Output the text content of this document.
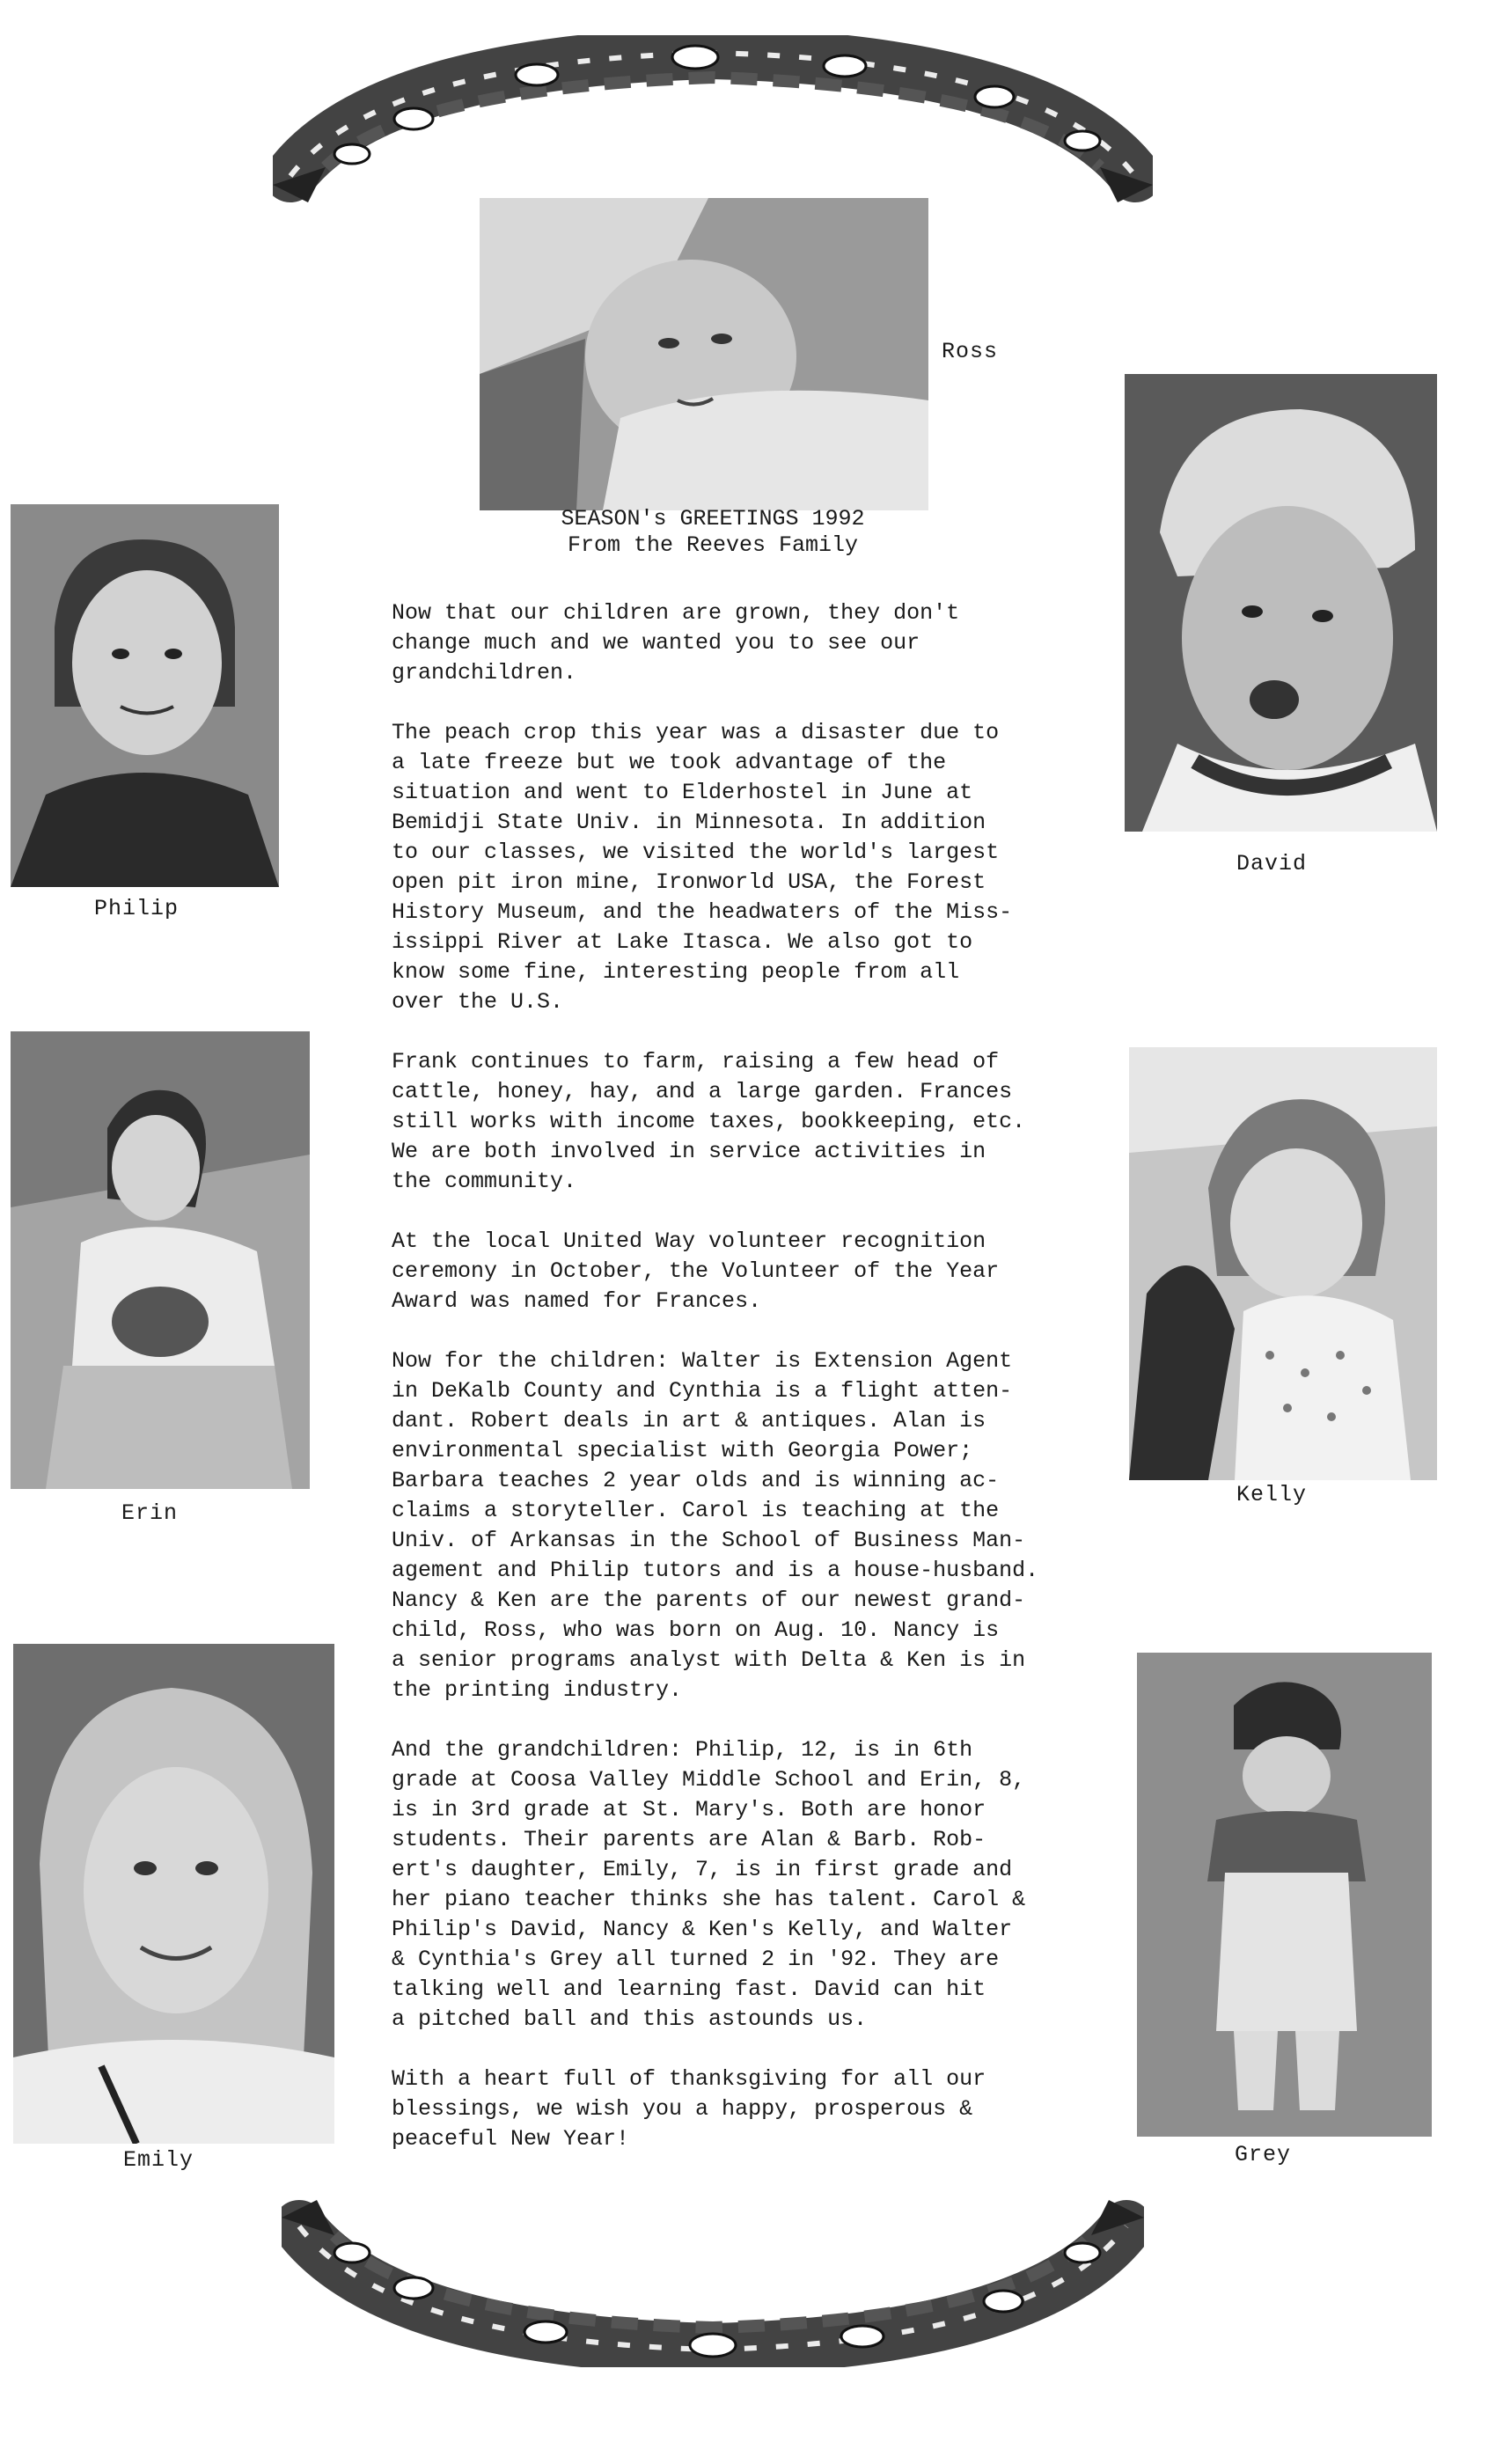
Ross
SEASON's GREETINGS 1992
From the Reeves Family
Philip
David
Erin
Kelly
Emily	Grey
Now that our children are grown, they don't
change much and we wanted you to see our
grandchildren.
The peach crop this year was a disaster due to
a late freeze but we took advantage of the
situation and went to Elderhostel in June at
Bemidji State Univ. in Minnesota. In addition
to our classes, we visited the world's largest
open pit iron mine, Ironworld USA, the Forest
History Museum, and the headwaters of the Miss-
issippi River at Lake Itasca. We also got to
know some fine, interesting people from all
over the U.S.
Frank continues to farm, raising a few head of
cattle, honey, hay, and a large garden. Frances
still works with income taxes, bookkeeping, etc.
We are both involved in service activities in
the community.
At the local United Way volunteer recognition
ceremony in October, the Volunteer of the Year
Award was named for Frances.
Now for the children: Walter is Extension Agent
in DeKalb County and Cynthia is a flight atten-
dant. Robert deals in art & antiques. Alan is
environmental specialist with Georgia Power;
Barbara teaches 2 year olds and is winning ac-
claims a storyteller. Carol is teaching at the
Univ. of Arkansas in the School of Business Man-
agement and Philip tutors and is a house-husband.
Nancy & Ken are the parents of our newest grand-
child, Ross, who was born on Aug. 10. Nancy is
a senior programs analyst with Delta & Ken is in
the printing industry.
And the grandchildren: Philip, 12, is in 6th
grade at Coosa Valley Middle School and Erin, 8,
is in 3rd grade at St. Mary's. Both are honor
students. Their parents are Alan & Barb. Rob-
ert's daughter, Emily, 7, is in first grade and
her piano teacher thinks she has talent. Carol &
Philip's David, Nancy & Ken's Kelly, and Walter
& Cynthia's Grey all turned 2 in '92. They are
talking well and learning fast. David can hit
a pitched ball and this astounds us.
With a heart full of thanksgiving for all our
blessings, we wish you a happy, prosperous &
peaceful New Year!
